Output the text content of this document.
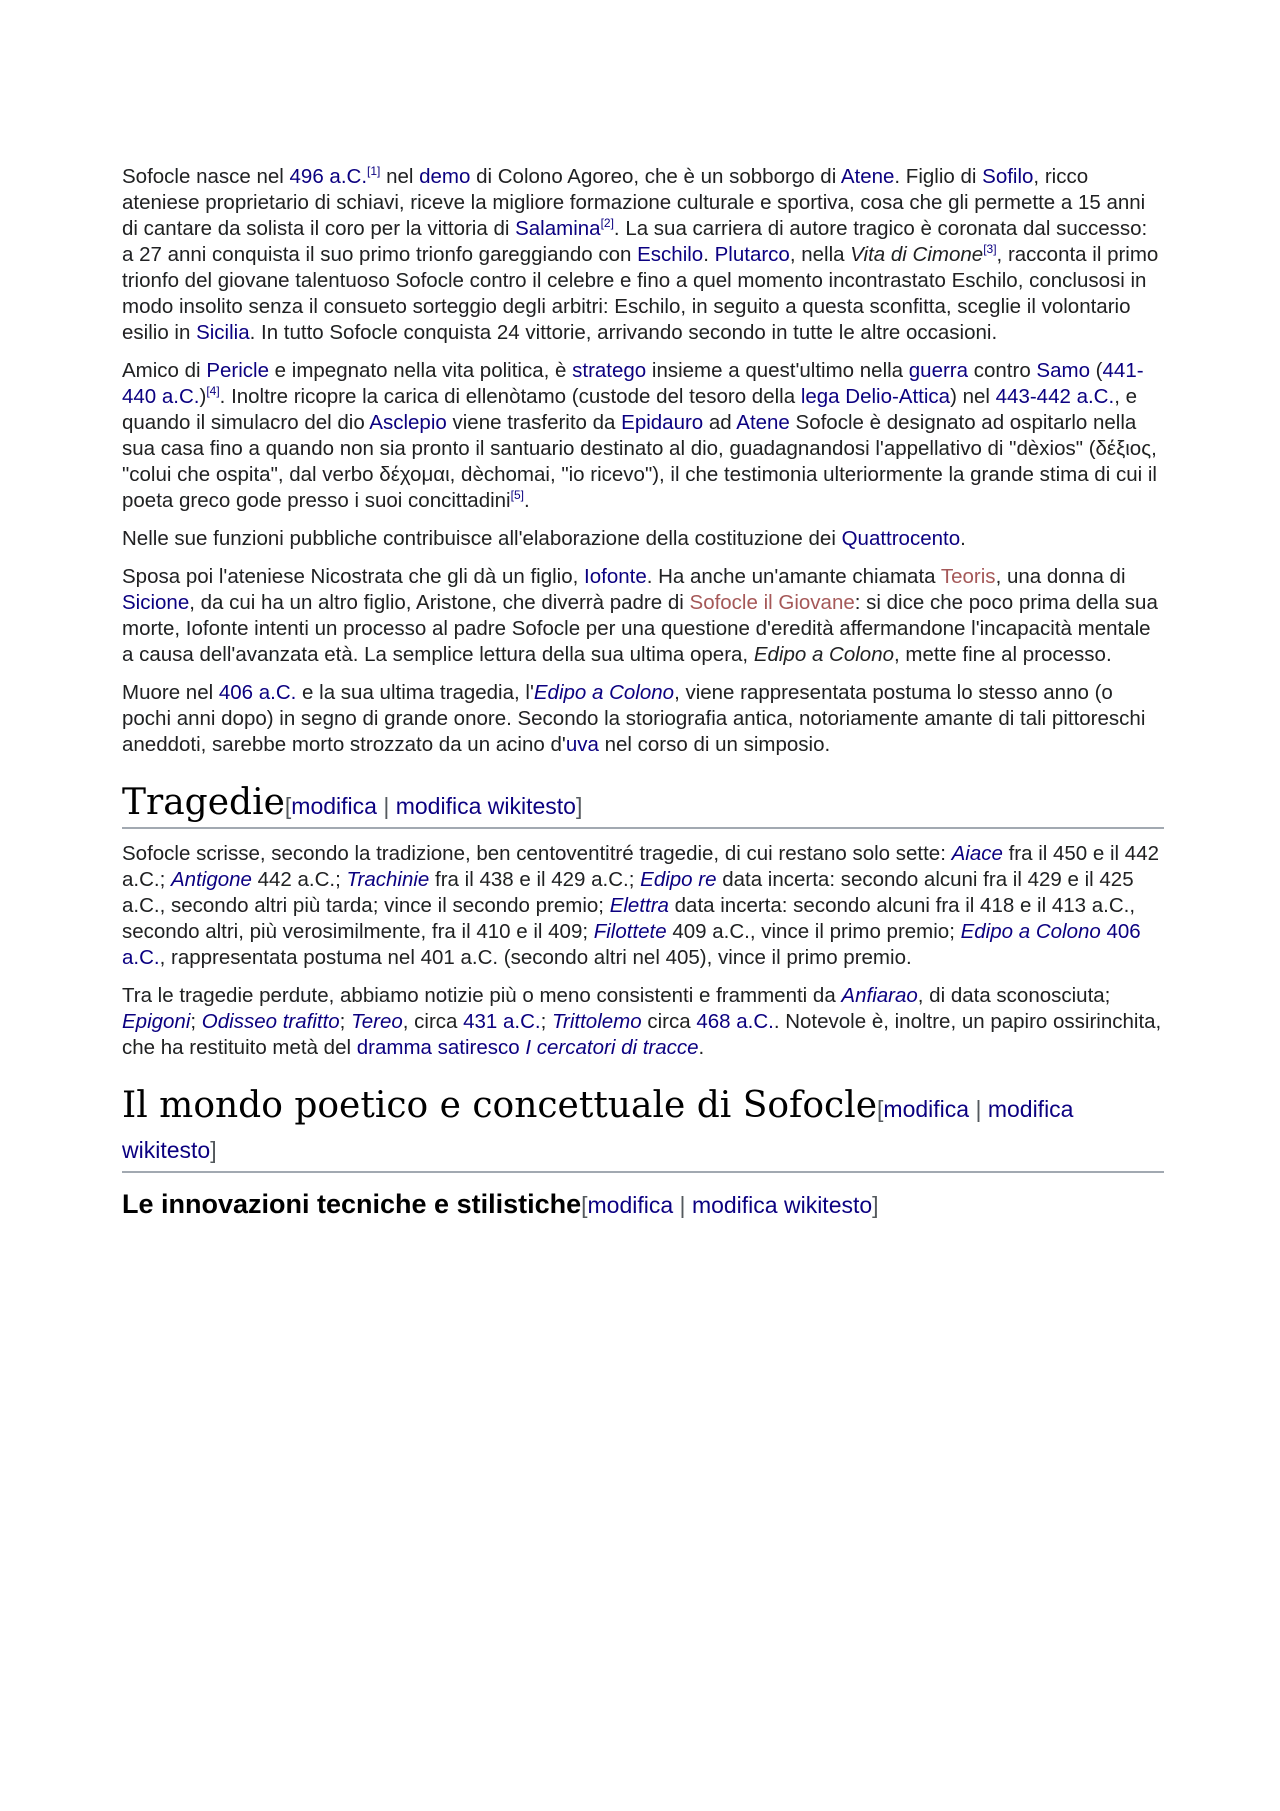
Sofocle nasce nel 496 a.C.[1] nel demo di Colono Agoreo, che è un sobborgo di Atene. Figlio di Sofilo, ricco ateniese proprietario di schiavi, riceve la migliore formazione culturale e sportiva, cosa che gli permette a 15 anni di cantare da solista il coro per la vittoria di Salamina[2]. La sua carriera di autore tragico è coronata dal successo: a 27 anni conquista il suo primo trionfo gareggiando con Eschilo. Plutarco, nella Vita di Cimone[3], racconta il primo trionfo del giovane talentuoso Sofocle contro il celebre e fino a quel momento incontrastato Eschilo, conclusosi in modo insolito senza il consueto sorteggio degli arbitri: Eschilo, in seguito a questa sconfitta, sceglie il volontario esilio in Sicilia. In tutto Sofocle conquista 24 vittorie, arrivando secondo in tutte le altre occasioni.

Amico di Pericle e impegnato nella vita politica, è stratego insieme a quest'ultimo nella guerra contro Samo (441-440 a.C.)[4]. Inoltre ricopre la carica di ellenòtamo (custode del tesoro della lega Delio-Attica) nel 443-442 a.C., e quando il simulacro del dio Asclepio viene trasferito da Epidauro ad Atene Sofocle è designato ad ospitarlo nella sua casa fino a quando non sia pronto il santuario destinato al dio, guadagnandosi l'appellativo di "dèxios" (δέξιος, "colui che ospita", dal verbo δέχομαι, dèchomai, "io ricevo"), il che testimonia ulteriormente la grande stima di cui il poeta greco gode presso i suoi concittadini[5].

Nelle sue funzioni pubbliche contribuisce all'elaborazione della costituzione dei Quattrocento.

Sposa poi l'ateniese Nicostrata che gli dà un figlio, Iofonte. Ha anche un'amante chiamata Teoris, una donna di Sicione, da cui ha un altro figlio, Aristone, che diverrà padre di Sofocle il Giovane: si dice che poco prima della sua morte, Iofonte intenti un processo al padre Sofocle per una questione d'eredità affermandone l'incapacità mentale a causa dell'avanzata età. La semplice lettura della sua ultima opera, Edipo a Colono, mette fine al processo.

Muore nel 406 a.C. e la sua ultima tragedia, l'Edipo a Colono, viene rappresentata postuma lo stesso anno (o pochi anni dopo) in segno di grande onore. Secondo la storiografia antica, notoriamente amante di tali pittoreschi aneddoti, sarebbe morto strozzato da un acino d'uva nel corso di un simposio.

Tragedie[modifica | modifica wikitesto]

Sofocle scrisse, secondo la tradizione, ben centoventitré tragedie, di cui restano solo sette: Aiace fra il 450 e il 442 a.C.; Antigone 442 a.C.; Trachinie fra il 438 e il 429 a.C.; Edipo re data incerta: secondo alcuni fra il 429 e il 425 a.C., secondo altri più tarda; vince il secondo premio; Elettra data incerta: secondo alcuni fra il 418 e il 413 a.C., secondo altri, più verosimilmente, fra il 410 e il 409; Filottete 409 a.C., vince il primo premio; Edipo a Colono 406 a.C., rappresentata postuma nel 401 a.C. (secondo altri nel 405), vince il primo premio.

Tra le tragedie perdute, abbiamo notizie più o meno consistenti e frammenti da Anfiarao, di data sconosciuta; Epigoni; Odisseo trafitto; Tereo, circa 431 a.C.; Trittolemo circa 468 a.C.. Notevole è, inoltre, un papiro ossirinchita, che ha restituito metà del dramma satiresco I cercatori di tracce.

Il mondo poetico e concettuale di Sofocle[modifica | modifica wikitesto]
Le innovazioni tecniche e stilistiche[modifica | modifica wikitesto]
